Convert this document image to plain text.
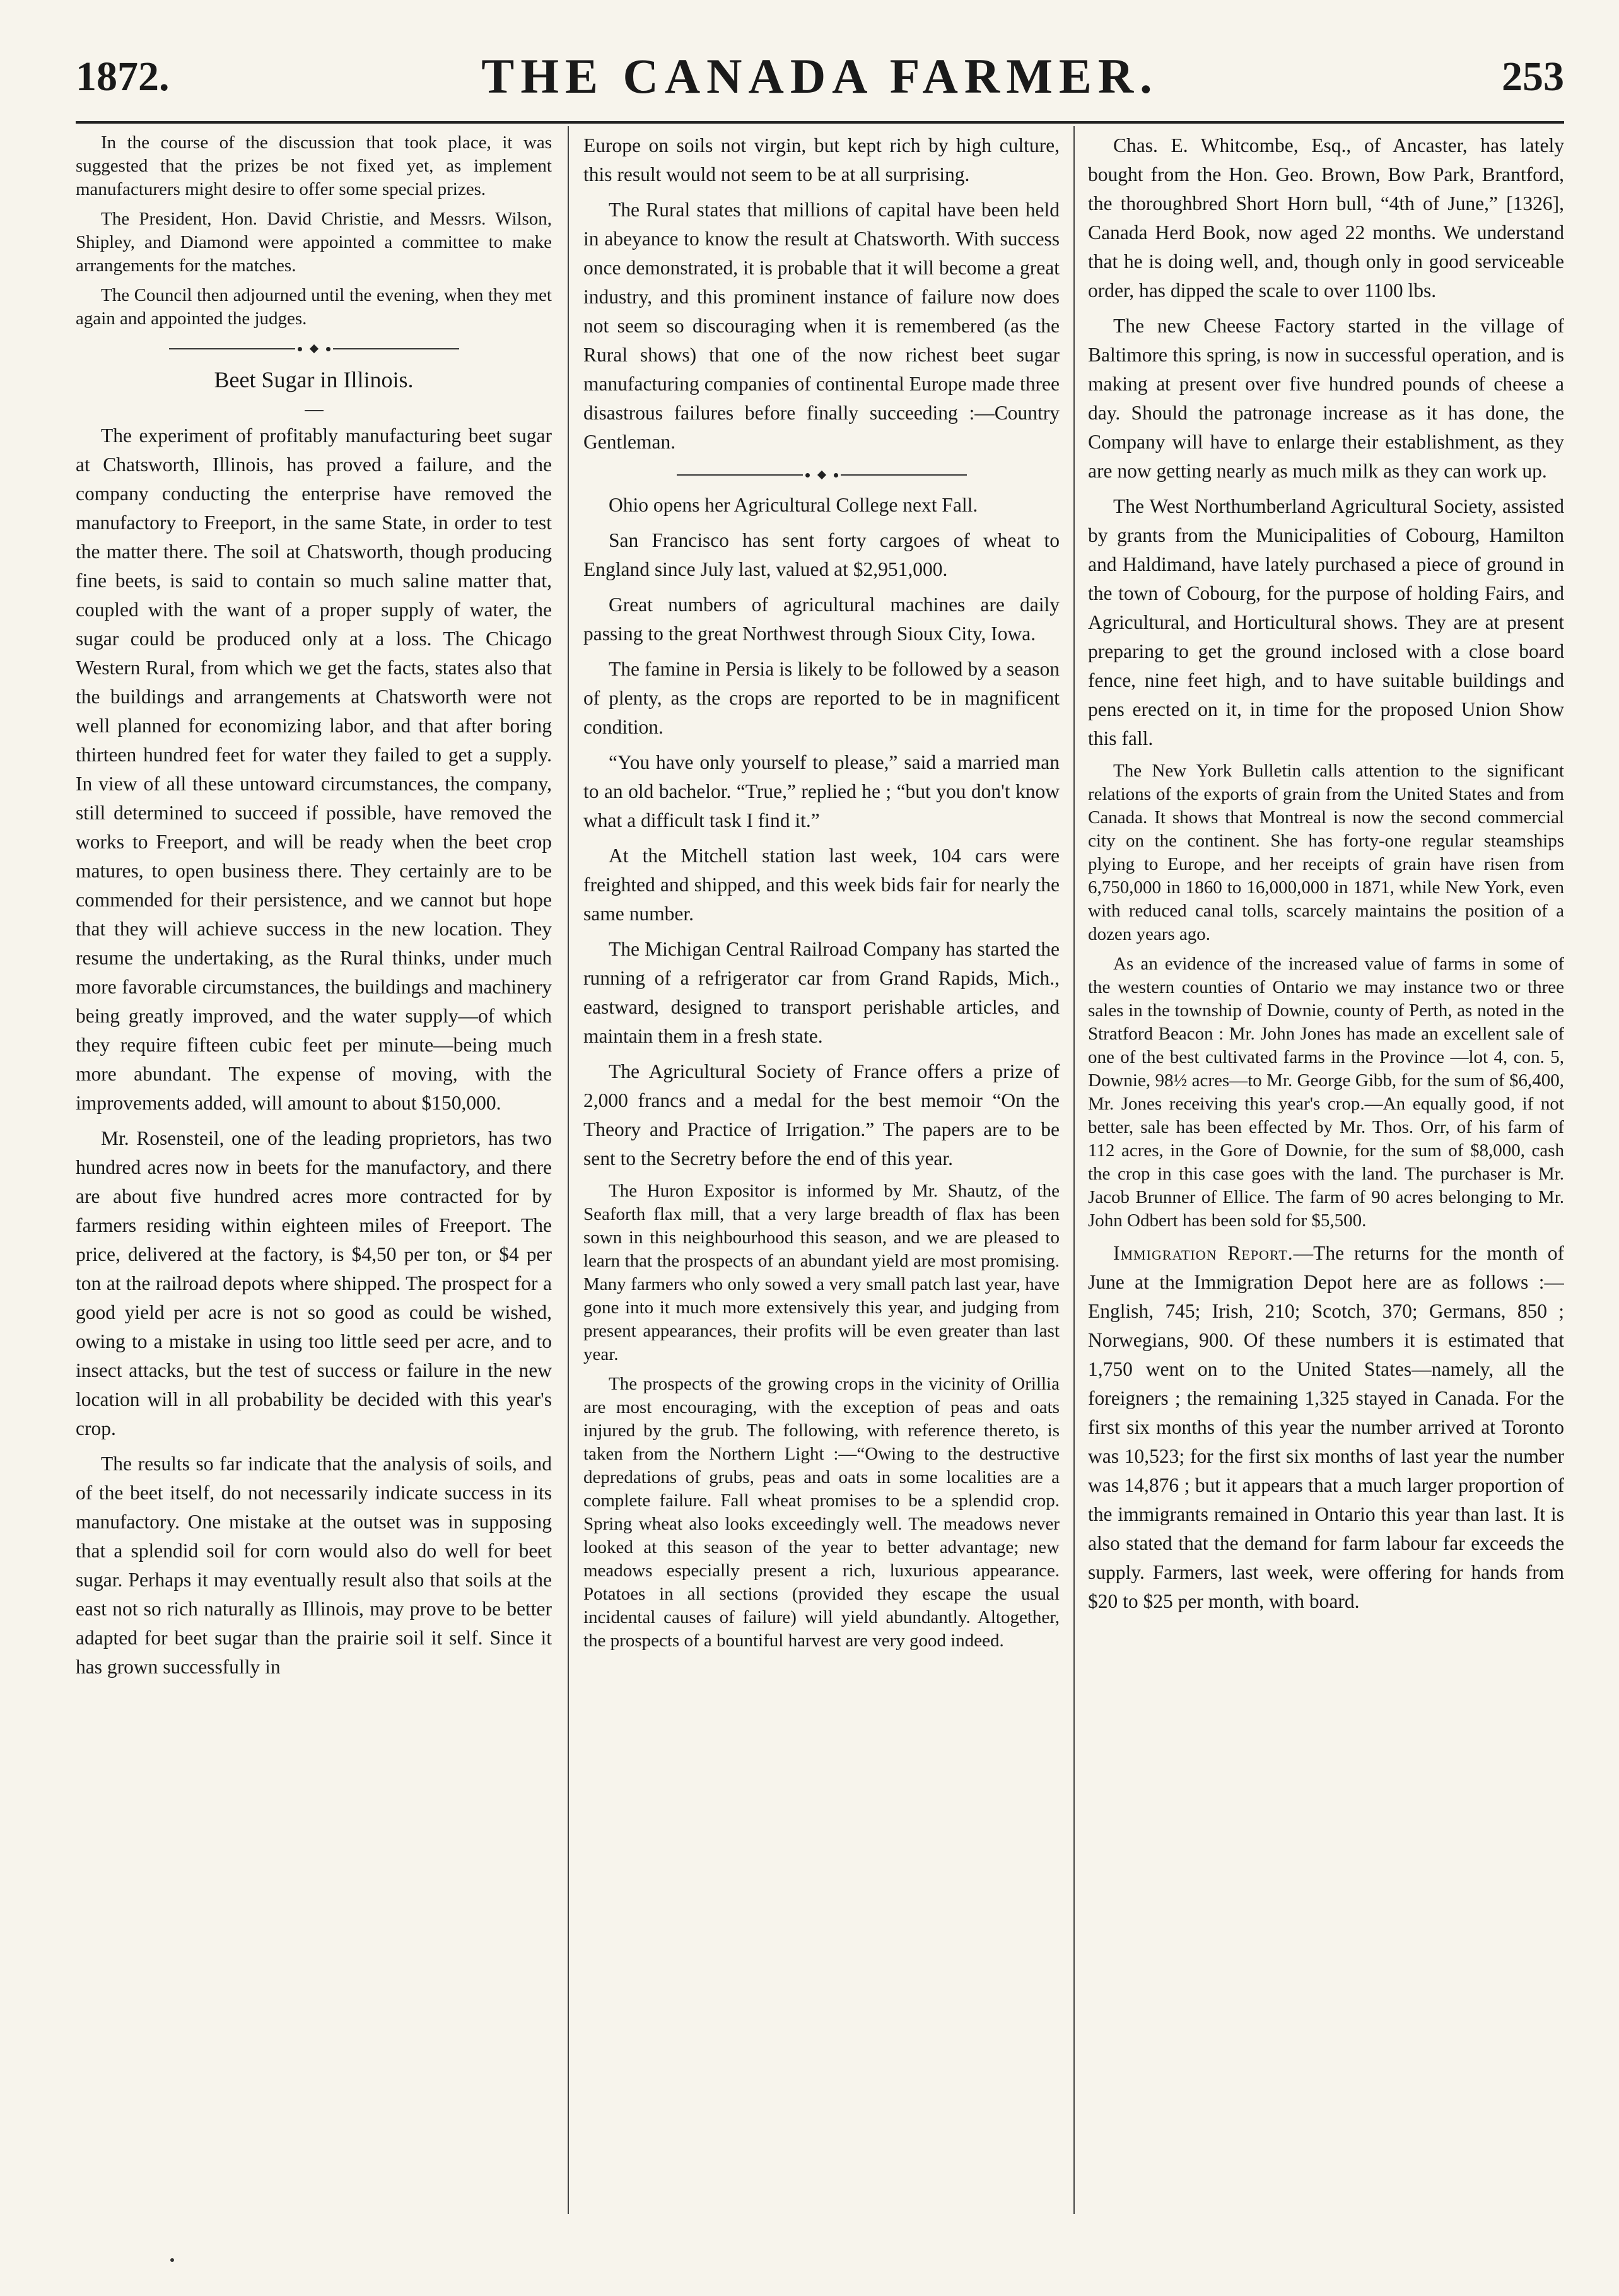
1872.	THE CANADA FARMER.	253

In the course of the discussion that took place, it was suggested that the prizes be not fixed yet, as implement manufacturers might desire to offer some special prizes.

The President, Hon. David Christie, and Messrs. Wilson, Shipley, and Diamond were appointed a committee to make arrangements for the matches.

The Council then adjourned until the evening, when they met again and appointed the judges.

Beet Sugar in Illinois.

The experiment of profitably manufacturing beet sugar at Chatsworth, Illinois, has proved a failure, and the company conducting the enterprise have removed the manufactory to Freeport, in the same State, in order to test the matter there. The soil at Chatsworth, though producing fine beets, is said to contain so much saline matter that, coupled with the want of a proper supply of water, the sugar could be produced only at a loss. The Chicago Western Rural, from which we get the facts, states also that the buildings and arrangements at Chatsworth were not well planned for economizing labor, and that after boring thirteen hundred feet for water they failed to get a supply. In view of all these untoward circumstances, the company, still determined to succeed if possible, have removed the works to Freeport, and will be ready when the beet crop matures, to open business there. They certainly are to be commended for their persistence, and we cannot but hope that they will achieve success in the new location. They resume the undertaking, as the Rural thinks, under much more favorable circumstances, the buildings and machinery being greatly improved, and the water supply—of which they require fifteen cubic feet per minute—being much more abundant. The expense of moving, with the improvements added, will amount to about $150,000.

Mr. Rosensteil, one of the leading proprietors, has two hundred acres now in beets for the manufactory, and there are about five hundred acres more contracted for by farmers residing within eighteen miles of Freeport. The price, delivered at the factory, is $4,50 per ton, or $4 per ton at the railroad depots where shipped. The prospect for a good yield per acre is not so good as could be wished, owing to a mistake in using too little seed per acre, and to insect attacks, but the test of success or failure in the new location will in all probability be decided with this year's crop.

The results so far indicate that the analysis of soils, and of the beet itself, do not necessarily indicate success in its manufactory. One mistake at the outset was in supposing that a splendid soil for corn would also do well for beet sugar. Perhaps it may eventually result also that soils at the east not so rich naturally as Illinois, may prove to be better adapted for beet sugar than the prairie soil it self. Since it has grown successfully in

Europe on soils not virgin, but kept rich by high culture, this result would not seem to be at all surprising.

The Rural states that millions of capital have been held in abeyance to know the result at Chatsworth. With success once demonstrated, it is probable that it will become a great industry, and this prominent instance of failure now does not seem so discouraging when it is remembered (as the Rural shows) that one of the now richest beet sugar manufacturing companies of continental Europe made three disastrous failures before finally succeeding :—Country Gentleman.

Ohio opens her Agricultural College next Fall.

San Francisco has sent forty cargoes of wheat to England since July last, valued at $2,951,000.

Great numbers of agricultural machines are daily passing to the great Northwest through Sioux City, Iowa.

The famine in Persia is likely to be followed by a season of plenty, as the crops are reported to be in magnificent condition.

“You have only yourself to please,” said a married man to an old bachelor. “True,” replied he ; “but you don't know what a difficult task I find it.”

At the Mitchell station last week, 104 cars were freighted and shipped, and this week bids fair for nearly the same number.

The Michigan Central Railroad Company has started the running of a refrigerator car from Grand Rapids, Mich., eastward, designed to transport perishable articles, and maintain them in a fresh state.

The Agricultural Society of France offers a prize of 2,000 francs and a medal for the best memoir “On the Theory and Practice of Irrigation.” The papers are to be sent to the Secretry before the end of this year.

The Huron Expositor is informed by Mr. Shautz, of the Seaforth flax mill, that a very large breadth of flax has been sown in this neighbourhood this season, and we are pleased to learn that the prospects of an abundant yield are most promising. Many farmers who only sowed a very small patch last year, have gone into it much more extensively this year, and judging from present appearances, their profits will be even greater than last year.

The prospects of the growing crops in the vicinity of Orillia are most encouraging, with the exception of peas and oats injured by the grub. The following, with reference thereto, is taken from the Northern Light :—“Owing to the destructive depredations of grubs, peas and oats in some localities are a complete failure. Fall wheat promises to be a splendid crop. Spring wheat also looks exceedingly well. The meadows never looked at this season of the year to better advantage; new meadows especially present a rich, luxurious appearance. Potatoes in all sections (provided they escape the usual incidental causes of failure) will yield abundantly. Altogether, the prospects of a bountiful harvest are very good indeed.

Chas. E. Whitcombe, Esq., of Ancaster, has lately bought from the Hon. Geo. Brown, Bow Park, Brantford, the thoroughbred Short Horn bull, “4th of June,” [1326], Canada Herd Book, now aged 22 months. We understand that he is doing well, and, though only in good serviceable order, has dipped the scale to over 1100 lbs.

The new Cheese Factory started in the village of Baltimore this spring, is now in successful operation, and is making at present over five hundred pounds of cheese a day. Should the patronage increase as it has done, the Company will have to enlarge their establishment, as they are now getting nearly as much milk as they can work up.

The West Northumberland Agricultural Society, assisted by grants from the Municipalities of Cobourg, Hamilton and Haldimand, have lately purchased a piece of ground in the town of Cobourg, for the purpose of holding Fairs, and Agricultural, and Horticultural shows. They are at present preparing to get the ground inclosed with a close board fence, nine feet high, and to have suitable buildings and pens erected on it, in time for the proposed Union Show this fall.

The New York Bulletin calls attention to the significant relations of the exports of grain from the United States and from Canada. It shows that Montreal is now the second commercial city on the continent. She has forty-one regular steamships plying to Europe, and her receipts of grain have risen from 6,750,000 in 1860 to 16,000,000 in 1871, while New York, even with reduced canal tolls, scarcely maintains the position of a dozen years ago.

As an evidence of the increased value of farms in some of the western counties of Ontario we may instance two or three sales in the township of Downie, county of Perth, as noted in the Stratford Beacon : Mr. John Jones has made an excellent sale of one of the best cultivated farms in the Province —lot 4, con. 5, Downie, 98½ acres—to Mr. George Gibb, for the sum of $6,400, Mr. Jones receiving this year's crop.—An equally good, if not better, sale has been effected by Mr. Thos. Orr, of his farm of 112 acres, in the Gore of Downie, for the sum of $8,000, cash the crop in this case goes with the land. The purchaser is Mr. Jacob Brunner of Ellice. The farm of 90 acres belonging to Mr. John Odbert has been sold for $5,500.

Immigration Report.—The returns for the month of June at the Immigration Depot here are as follows :—English, 745; Irish, 210; Scotch, 370; Germans, 850 ; Norwegians, 900. Of these numbers it is estimated that 1,750 went on to the United States—namely, all the foreigners ; the remaining 1,325 stayed in Canada. For the first six months of this year the number arrived at Toronto was 10,523; for the first six months of last year the number was 14,876 ; but it appears that a much larger proportion of the immigrants remained in Ontario this year than last. It is also stated that the demand for farm labour far exceeds the supply. Farmers, last week, were offering for hands from $20 to $25 per month, with board.
